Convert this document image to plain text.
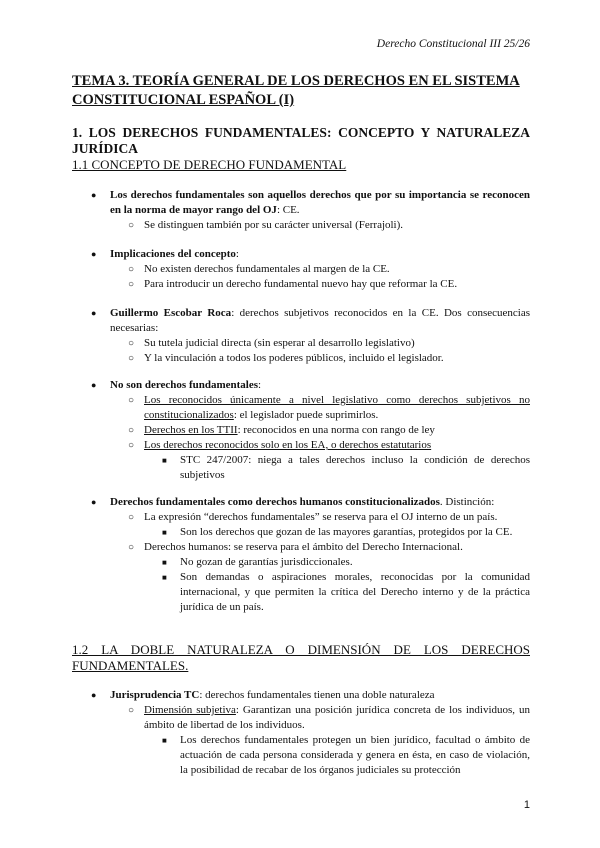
Derecho Constitucional III 25/26
TEMA 3. TEORÍA GENERAL DE LOS DERECHOS EN EL SISTEMA
CONSTITUCIONAL ESPAÑOL (I)
1. LOS DERECHOS FUNDAMENTALES: CONCEPTO Y NATURALEZA
JURÍDICA
1.1 CONCEPTO DE DERECHO FUNDAMENTAL
● Los derechos fundamentales son aquellos derechos que por su importancia se reconocen en la norma de mayor rango del OJ: CE.
○ Se distinguen también por su carácter universal (Ferrajoli).
● Implicaciones del concepto:
○ No existen derechos fundamentales al margen de la CE.
○ Para introducir un derecho fundamental nuevo hay que reformar la CE.
● Guillermo Escobar Roca: derechos subjetivos reconocidos en la CE. Dos consecuencias necesarias:
○ Su tutela judicial directa (sin esperar al desarrollo legislativo)
○ Y la vinculación a todos los poderes públicos, incluido el legislador.
● No son derechos fundamentales:
○ Los reconocidos únicamente a nivel legislativo como derechos subjetivos no constitucionalizados: el legislador puede suprimirlos.
○ Derechos en los TTII: reconocidos en una norma con rango de ley
○ Los derechos reconocidos solo en los EA, o derechos estatutarios
■ STC 247/2007: niega a tales derechos incluso la condición de derechos subjetivos
● Derechos fundamentales como derechos humanos constitucionalizados. Distinción:
○ La expresión “derechos fundamentales” se reserva para el OJ interno de un país.
■ Son los derechos que gozan de las mayores garantías, protegidos por la CE.
○ Derechos humanos: se reserva para el ámbito del Derecho Internacional.
■ No gozan de garantías jurisdiccionales.
■ Son demandas o aspiraciones morales, reconocidas por la comunidad internacional, y que permiten la crítica del Derecho interno y de la práctica jurídica de un país.
1.2 LA DOBLE NATURALEZA O DIMENSIÓN DE LOS DERECHOS
FUNDAMENTALES.
● Jurisprudencia TC: derechos fundamentales tienen una doble naturaleza
○ Dimensión subjetiva: Garantizan una posición jurídica concreta de los individuos, un ámbito de libertad de los individuos.
■ Los derechos fundamentales protegen un bien jurídico, facultad o ámbito de actuación de cada persona considerada y genera en ésta, en caso de violación, la posibilidad de recabar de los órganos judiciales su protección
1
